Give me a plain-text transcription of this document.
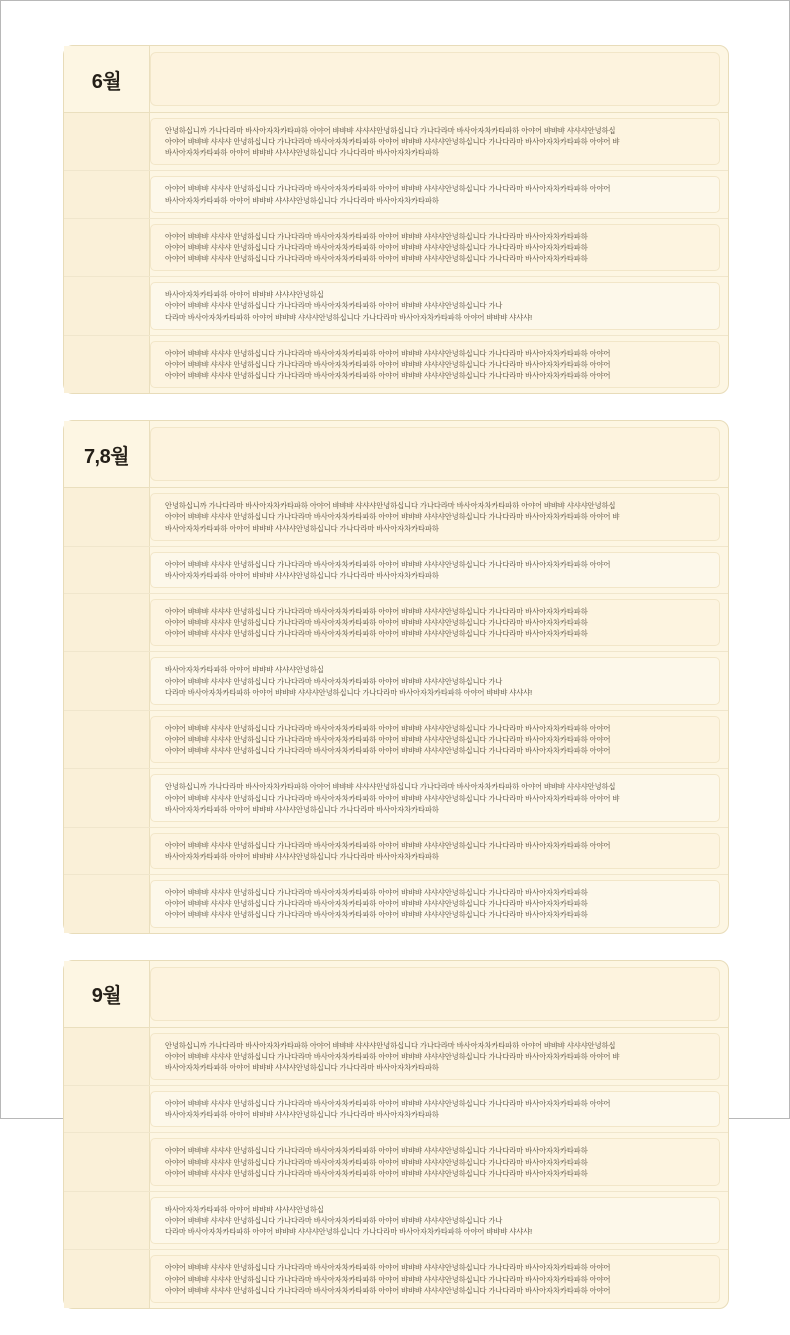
6월

안녕하십니까 가나다라마 바사아자차카타파하 아야어 뱌뱌뱌 샤샤샤안녕하십니다 가나다라마 바사아자차카타파하 아야어 뱌뱌뱌 샤샤샤안녕하십

아야어 뱌뱌뱌 샤샤샤 안녕하십니다 가나다라마 바사아자차카타파하 아야어 뱌뱌뱌 샤샤샤안녕하십니다 가나다라마 바사아자차카타파하 아야어 뱌

바사아자차카타파하 아야어 뱌뱌뱌 샤샤샤안녕하십니다 가나다라마 바사아자차카타파하

아야어 뱌뱌뱌 샤샤샤 안녕하십니다 가나다라마 바사아자차카타파하 아야어 뱌뱌뱌 샤샤샤안녕하십니다 가나다라마 바사아자차카타파하 아야어

바사아자차카타파하 아야어 뱌뱌뱌 샤샤샤안녕하십니다 가나다라마 바사아자차카타파하

아야어 뱌뱌뱌 샤샤샤 안녕하십니다 가나다라마 바사아자차카타파하 아야어 뱌뱌뱌 샤샤샤안녕하십니다 가나다라마 바사아자차카타파하

아야어 뱌뱌뱌 샤샤샤 안녕하십니다 가나다라마 바사아자차카타파하 아야어 뱌뱌뱌 샤샤샤안녕하십니다 가나다라마 바사아자차카타파하

아야어 뱌뱌뱌 샤샤샤 안녕하십니다 가나다라마 바사아자차카타파하 아야어 뱌뱌뱌 샤샤샤안녕하십니다 가나다라마 바사아자차카타파하

바사아자차카타파하 아야어 뱌뱌뱌 샤샤샤안녕하십

아야어 뱌뱌뱌 샤샤샤 안녕하십니다 가나다라마 바사아자차카타파하 아야어 뱌뱌뱌 샤샤샤안녕하십니다 가나

다라마 바사아자차카타파하 아야어 뱌뱌뱌 샤샤샤안녕하십니다 가나다라마 바사아자차카타파하 아야어 뱌뱌뱌 샤샤샤!

아야어 뱌뱌뱌 샤샤샤 안녕하십니다 가나다라마 바사아자차카타파하 아야어 뱌뱌뱌 샤샤샤안녕하십니다 가나다라마 바사아자차카타파하 아야어

아야어 뱌뱌뱌 샤샤샤 안녕하십니다 가나다라마 바사아자차카타파하 아야어 뱌뱌뱌 샤샤샤안녕하십니다 가나다라마 바사아자차카타파하 아야어

아야어 뱌뱌뱌 샤샤샤 안녕하십니다 가나다라마 바사아자차카타파하 아야어 뱌뱌뱌 샤샤샤안녕하십니다 가나다라마 바사아자차카타파하 아야어

7,8월

안녕하십니까 가나다라마 바사아자차카타파하 아야어 뱌뱌뱌 샤샤샤안녕하십니다 가나다라마 바사아자차카타파하 아야어 뱌뱌뱌 샤샤샤안녕하십

아야어 뱌뱌뱌 샤샤샤 안녕하십니다 가나다라마 바사아자차카타파하 아야어 뱌뱌뱌 샤샤샤안녕하십니다 가나다라마 바사아자차카타파하 아야어 뱌

바사아자차카타파하 아야어 뱌뱌뱌 샤샤샤안녕하십니다 가나다라마 바사아자차카타파하

아야어 뱌뱌뱌 샤샤샤 안녕하십니다 가나다라마 바사아자차카타파하 아야어 뱌뱌뱌 샤샤샤안녕하십니다 가나다라마 바사아자차카타파하 아야어

바사아자차카타파하 아야어 뱌뱌뱌 샤샤샤안녕하십니다 가나다라마 바사아자차카타파하

아야어 뱌뱌뱌 샤샤샤 안녕하십니다 가나다라마 바사아자차카타파하 아야어 뱌뱌뱌 샤샤샤안녕하십니다 가나다라마 바사아자차카타파하

아야어 뱌뱌뱌 샤샤샤 안녕하십니다 가나다라마 바사아자차카타파하 아야어 뱌뱌뱌 샤샤샤안녕하십니다 가나다라마 바사아자차카타파하

아야어 뱌뱌뱌 샤샤샤 안녕하십니다 가나다라마 바사아자차카타파하 아야어 뱌뱌뱌 샤샤샤안녕하십니다 가나다라마 바사아자차카타파하

바사아자차카타파하 아야어 뱌뱌뱌 샤샤샤안녕하십

아야어 뱌뱌뱌 샤샤샤 안녕하십니다 가나다라마 바사아자차카타파하 아야어 뱌뱌뱌 샤샤샤안녕하십니다 가나

다라마 바사아자차카타파하 아야어 뱌뱌뱌 샤샤샤안녕하십니다 가나다라마 바사아자차카타파하 아야어 뱌뱌뱌 샤샤샤!

아야어 뱌뱌뱌 샤샤샤 안녕하십니다 가나다라마 바사아자차카타파하 아야어 뱌뱌뱌 샤샤샤안녕하십니다 가나다라마 바사아자차카타파하 아야어

아야어 뱌뱌뱌 샤샤샤 안녕하십니다 가나다라마 바사아자차카타파하 아야어 뱌뱌뱌 샤샤샤안녕하십니다 가나다라마 바사아자차카타파하 아야어

아야어 뱌뱌뱌 샤샤샤 안녕하십니다 가나다라마 바사아자차카타파하 아야어 뱌뱌뱌 샤샤샤안녕하십니다 가나다라마 바사아자차카타파하 아야어

안녕하십니까 가나다라마 바사아자차카타파하 아야어 뱌뱌뱌 샤샤샤안녕하십니다 가나다라마 바사아자차카타파하 아야어 뱌뱌뱌 샤샤샤안녕하십

아야어 뱌뱌뱌 샤샤샤 안녕하십니다 가나다라마 바사아자차카타파하 아야어 뱌뱌뱌 샤샤샤안녕하십니다 가나다라마 바사아자차카타파하 아야어 뱌

바사아자차카타파하 아야어 뱌뱌뱌 샤샤샤안녕하십니다 가나다라마 바사아자차카타파하

아야어 뱌뱌뱌 샤샤샤 안녕하십니다 가나다라마 바사아자차카타파하 아야어 뱌뱌뱌 샤샤샤안녕하십니다 가나다라마 바사아자차카타파하 아야어

바사아자차카타파하 아야어 뱌뱌뱌 샤샤샤안녕하십니다 가나다라마 바사아자차카타파하

아야어 뱌뱌뱌 샤샤샤 안녕하십니다 가나다라마 바사아자차카타파하 아야어 뱌뱌뱌 샤샤샤안녕하십니다 가나다라마 바사아자차카타파하

아야어 뱌뱌뱌 샤샤샤 안녕하십니다 가나다라마 바사아자차카타파하 아야어 뱌뱌뱌 샤샤샤안녕하십니다 가나다라마 바사아자차카타파하

아야어 뱌뱌뱌 샤샤샤 안녕하십니다 가나다라마 바사아자차카타파하 아야어 뱌뱌뱌 샤샤샤안녕하십니다 가나다라마 바사아자차카타파하

9월

안녕하십니까 가나다라마 바사아자차카타파하 아야어 뱌뱌뱌 샤샤샤안녕하십니다 가나다라마 바사아자차카타파하 아야어 뱌뱌뱌 샤샤샤안녕하십

아야어 뱌뱌뱌 샤샤샤 안녕하십니다 가나다라마 바사아자차카타파하 아야어 뱌뱌뱌 샤샤샤안녕하십니다 가나다라마 바사아자차카타파하 아야어 뱌

바사아자차카타파하 아야어 뱌뱌뱌 샤샤샤안녕하십니다 가나다라마 바사아자차카타파하

아야어 뱌뱌뱌 샤샤샤 안녕하십니다 가나다라마 바사아자차카타파하 아야어 뱌뱌뱌 샤샤샤안녕하십니다 가나다라마 바사아자차카타파하 아야어

바사아자차카타파하 아야어 뱌뱌뱌 샤샤샤안녕하십니다 가나다라마 바사아자차카타파하

아야어 뱌뱌뱌 샤샤샤 안녕하십니다 가나다라마 바사아자차카타파하 아야어 뱌뱌뱌 샤샤샤안녕하십니다 가나다라마 바사아자차카타파하

아야어 뱌뱌뱌 샤샤샤 안녕하십니다 가나다라마 바사아자차카타파하 아야어 뱌뱌뱌 샤샤샤안녕하십니다 가나다라마 바사아자차카타파하

아야어 뱌뱌뱌 샤샤샤 안녕하십니다 가나다라마 바사아자차카타파하 아야어 뱌뱌뱌 샤샤샤안녕하십니다 가나다라마 바사아자차카타파하

바사아자차카타파하 아야어 뱌뱌뱌 샤샤샤안녕하십

아야어 뱌뱌뱌 샤샤샤 안녕하십니다 가나다라마 바사아자차카타파하 아야어 뱌뱌뱌 샤샤샤안녕하십니다 가나

다라마 바사아자차카타파하 아야어 뱌뱌뱌 샤샤샤안녕하십니다 가나다라마 바사아자차카타파하 아야어 뱌뱌뱌 샤샤샤!

아야어 뱌뱌뱌 샤샤샤 안녕하십니다 가나다라마 바사아자차카타파하 아야어 뱌뱌뱌 샤샤샤안녕하십니다 가나다라마 바사아자차카타파하 아야어

아야어 뱌뱌뱌 샤샤샤 안녕하십니다 가나다라마 바사아자차카타파하 아야어 뱌뱌뱌 샤샤샤안녕하십니다 가나다라마 바사아자차카타파하 아야어

아야어 뱌뱌뱌 샤샤샤 안녕하십니다 가나다라마 바사아자차카타파하 아야어 뱌뱌뱌 샤샤샤안녕하십니다 가나다라마 바사아자차카타파하 아야어
